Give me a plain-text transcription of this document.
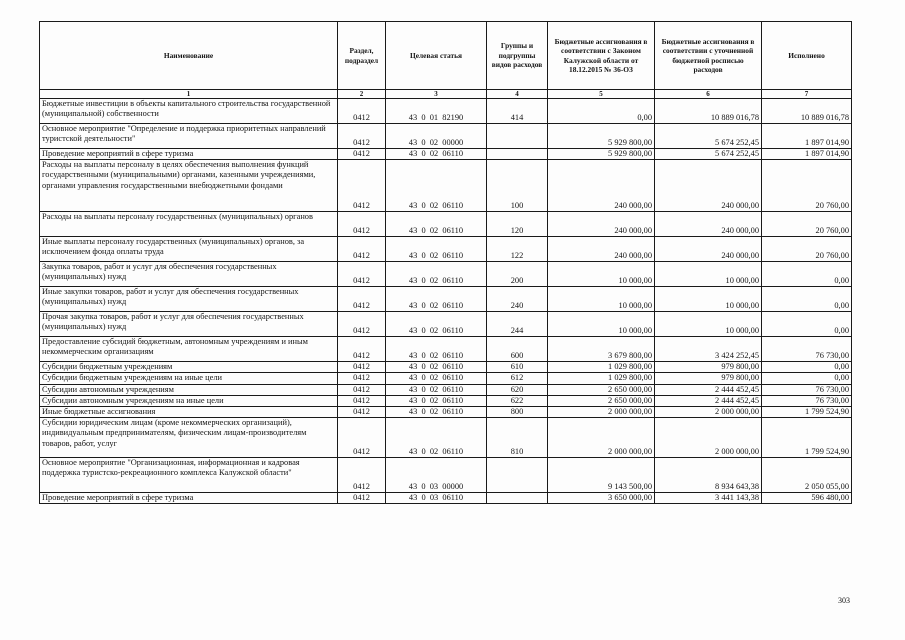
Наименование	Раздел, подраздел	Целевая статья	Группы и подгруппы видов расходов	Бюджетные ассигнования в соответствии с Законом Калужской области от 18.12.2015 № 36-ОЗ	Бюджетные ассигнования в соответствии с уточненной бюджетной росписью расходов	Исполнено
1	2	3	4	5	6	7
Бюджетные инвестиции в объекты капитального строительства государственной (муниципальной) собственности	0412	43  0  01  82190	414	0,00	10 889 016,78	10 889 016,78
Основное мероприятие "Определение и поддержка приоритетных направлений туристской деятельности"	0412	43  0  02  00000		5 929 800,00	5 674 252,45	1 897 014,90
Проведение мероприятий в сфере туризма	0412	43  0  02  06110		5 929 800,00	5 674 252,45	1 897 014,90
Расходы на выплаты персоналу в целях обеспечения выполнения функций государственными (муниципальными) органами, казенными учреждениями, органами управления государственными внебюджетными фондами	0412	43  0  02  06110	100	240 000,00	240 000,00	20 760,00
Расходы на выплаты персоналу государственных (муниципальных) органов	0412	43  0  02  06110	120	240 000,00	240 000,00	20 760,00
Иные выплаты персоналу государственных (муниципальных) органов, за исключением фонда оплаты труда	0412	43  0  02  06110	122	240 000,00	240 000,00	20 760,00
Закупка товаров, работ и услуг для обеспечения государственных (муниципальных) нужд	0412	43  0  02  06110	200	10 000,00	10 000,00	0,00
Иные закупки товаров, работ и услуг для обеспечения государственных (муниципальных) нужд	0412	43  0  02  06110	240	10 000,00	10 000,00	0,00
Прочая закупка товаров, работ и услуг для обеспечения государственных (муниципальных) нужд	0412	43  0  02  06110	244	10 000,00	10 000,00	0,00
Предоставление субсидий бюджетным, автономным учреждениям и иным некоммерческим организациям	0412	43  0  02  06110	600	3 679 800,00	3 424 252,45	76 730,00
Субсидии бюджетным учреждениям	0412	43  0  02  06110	610	1 029 800,00	979 800,00	0,00
Субсидии бюджетным учреждениям на иные цели	0412	43  0  02  06110	612	1 029 800,00	979 800,00	0,00
Субсидии автономным учреждениям	0412	43  0  02  06110	620	2 650 000,00	2 444 452,45	76 730,00
Субсидии автономным учреждениям на иные цели	0412	43  0  02  06110	622	2 650 000,00	2 444 452,45	76 730,00
Иные бюджетные ассигнования	0412	43  0  02  06110	800	2 000 000,00	2 000 000,00	1 799 524,90
Субсидии юридическим лицам (кроме некоммерческих организаций), индивидуальным предпринимателям, физическим лицам-производителям товаров, работ, услуг	0412	43  0  02  06110	810	2 000 000,00	2 000 000,00	1 799 524,90
Основное мероприятие "Организационная, информационная и кадровая поддержка туристско-рекреационного комплекса Калужской области"	0412	43  0  03  00000		9 143 500,00	8 934 643,38	2 050 055,00
Проведение мероприятий в сфере туризма	0412	43  0  03  06110		3 650 000,00	3 441 143,38	596 480,00
303
